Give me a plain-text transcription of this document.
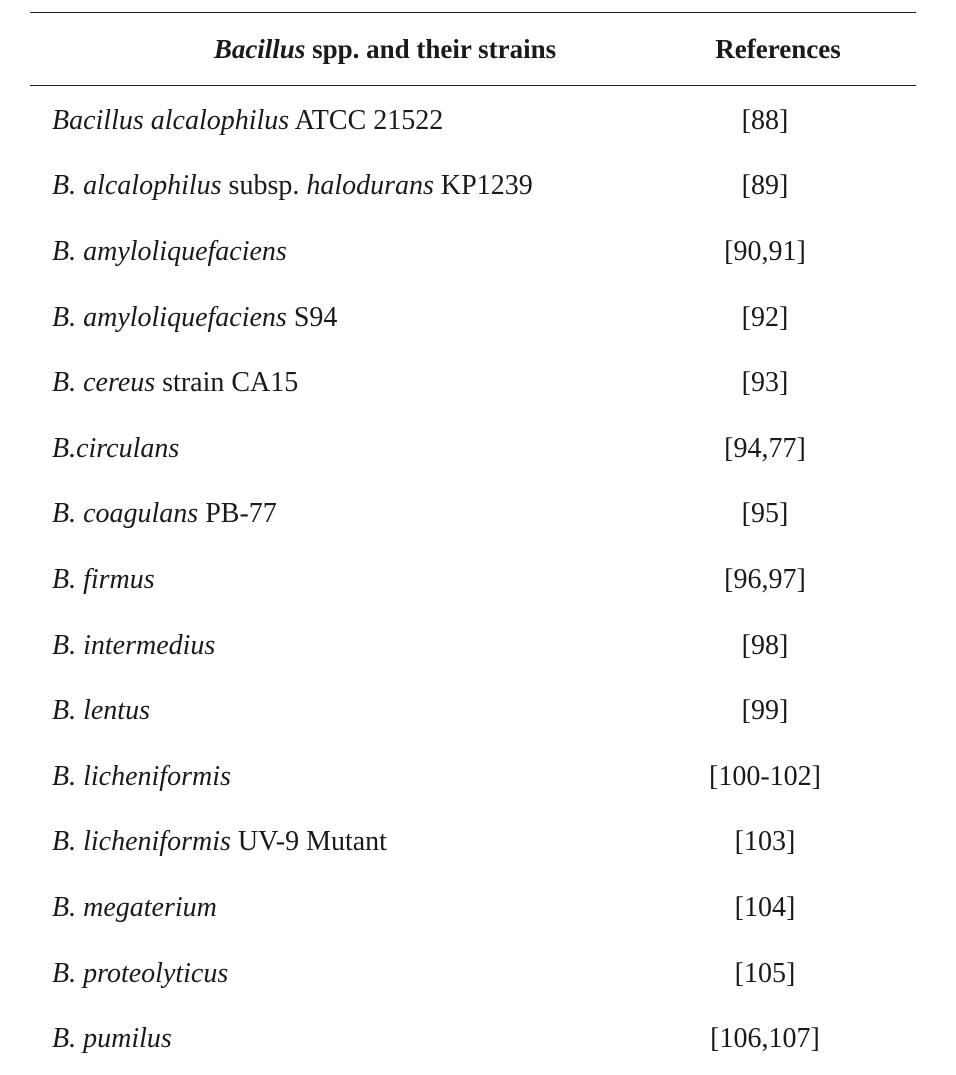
Bacillus spp. and their strains	References
Bacillus alcalophilus ATCC 21522	[88]
B. alcalophilus subsp. halodurans KP1239	[89]
B. amyloliquefaciens	[90,91]
B. amyloliquefaciens S94	[92]
B. cereus strain CA15	[93]
B.circulans	[94,77]
B. coagulans PB-77	[95]
B. firmus	[96,97]
B. intermedius	[98]
B. lentus	[99]
B. licheniformis	[100-102]
B. licheniformis UV-9 Mutant	[103]
B. megaterium	[104]
B. proteolyticus	[105]
B. pumilus	[106,107]
